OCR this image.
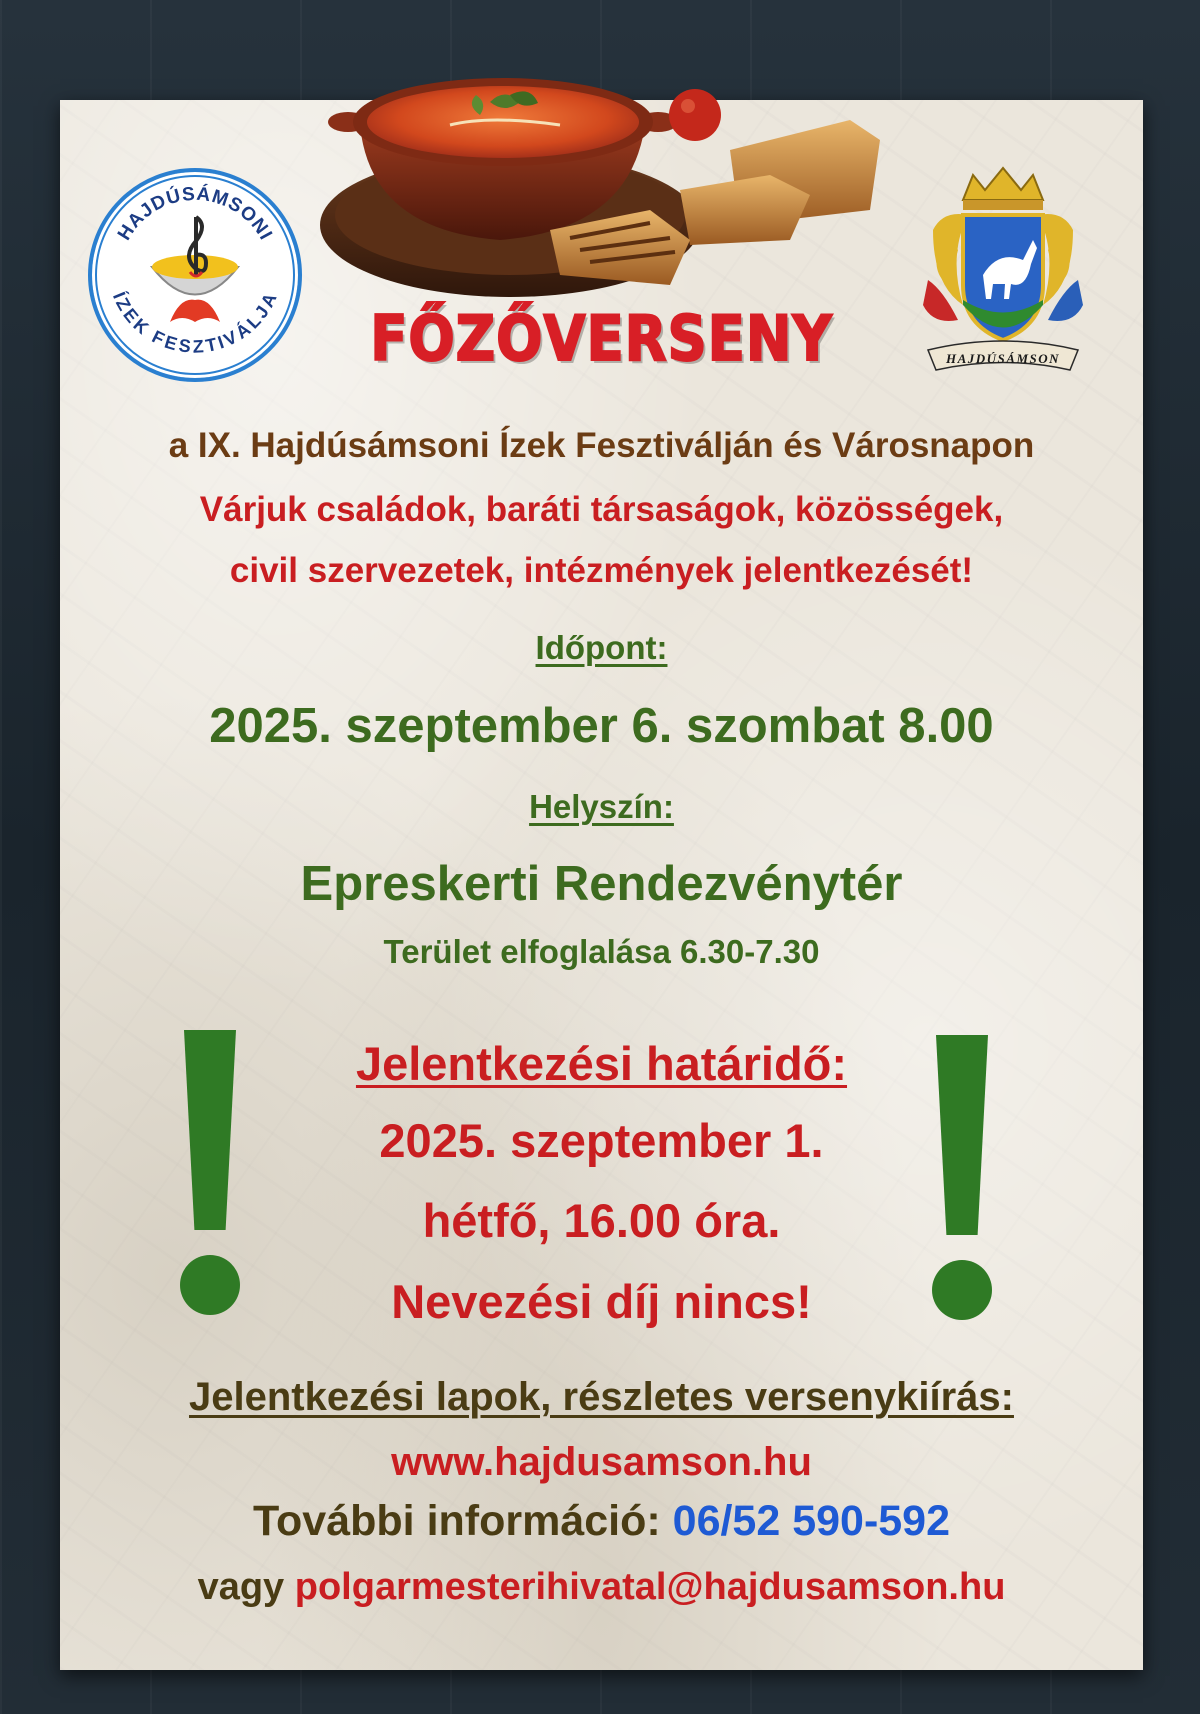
HAJDÚSÁMSONI
ÍZEK FESZTIVÁLJA
HAJDÚSÁMSON
FŐZŐVERSENY
a IX. Hajdúsámsoni Ízek Fesztiválján és Városnapon
Várjuk családok, baráti társaságok, közösségek,
civil szervezetek, intézmények jelentkezését!
Időpont:
2025. szeptember 6. szombat 8.00
Helyszín:
Epreskerti Rendezvénytér
Terület elfoglalása 6.30-7.30
Jelentkezési határidő:
2025. szeptember 1.
hétfő, 16.00 óra.
Nevezési díj nincs!
Jelentkezési lapok, részletes versenykiírás:
www.hajdusamson.hu
További információ: 06/52 590-592
vagy polgarmesterihivatal@hajdusamson.hu
